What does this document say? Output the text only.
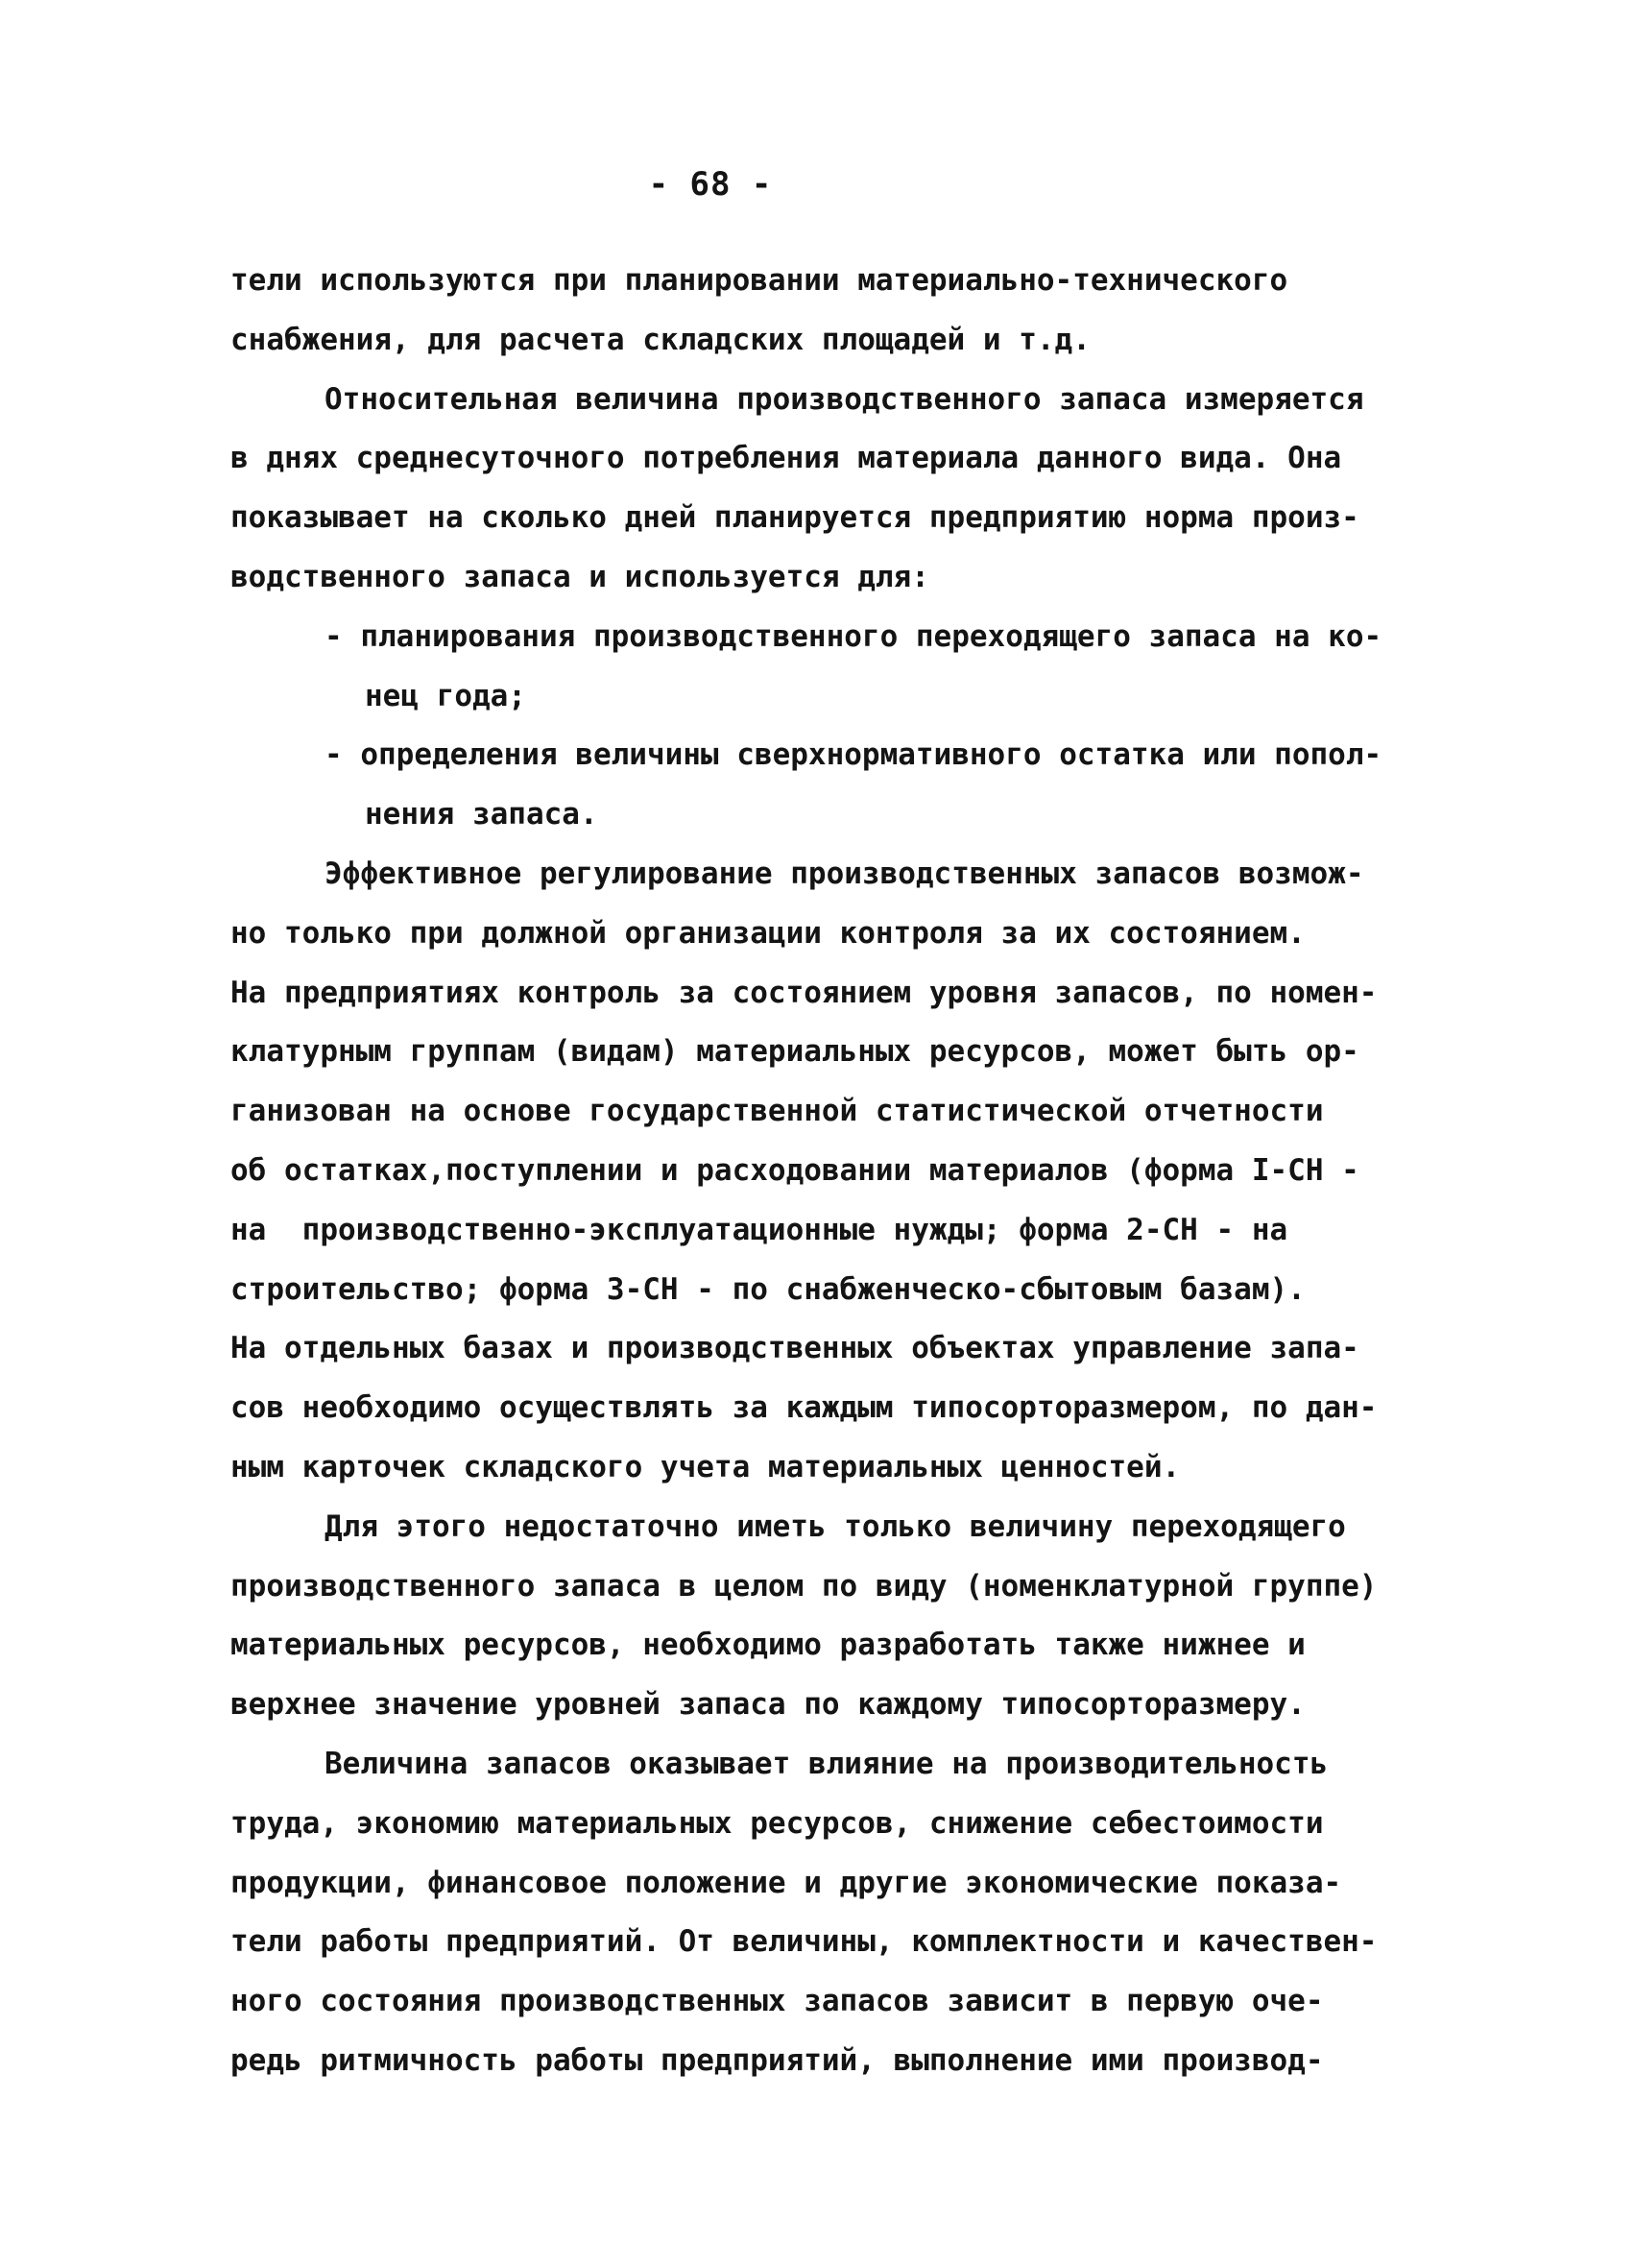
- 68 -
тели используются при планировании материально-технического
снабжения, для расчета складских площадей и т.д.
Относительная величина производственного запаса измеряется
в днях среднесуточного потребления материала данного вида. Она
показывает на сколько дней планируется предприятию норма произ-
водственного запаса и используется для:
- планирования производственного переходящего запаса на ко-
нец года;
- определения величины сверхнормативного остатка или попол-
нения запаса.
Эффективное регулирование производственных запасов возмож-
но только при должной организации контроля за их состоянием.
На предприятиях контроль за состоянием уровня запасов, по номен-
клатурным группам (видам) материальных ресурсов, может быть ор-
ганизован на основе государственной статистической отчетности
об остатках,поступлении и расходовании материалов (форма I-СН -
на  производственно-эксплуатационные нужды; форма 2-СН - на
строительство; форма 3-СН - по снабженческо-сбытовым базам).
На отдельных базах и производственных объектах управление запа-
сов необходимо осуществлять за каждым типосорторазмером, по дан-
ным карточек складского учета материальных ценностей.
Для этого недостаточно иметь только величину переходящего
производственного запаса в целом по виду (номенклатурной группе)
материальных ресурсов, необходимо разработать также нижнее и
верхнее значение уровней запаса по каждому типосорторазмеру.
Величина запасов оказывает влияние на производительность
труда, экономию материальных ресурсов, снижение себестоимости
продукции, финансовое положение и другие экономические показа-
тели работы предприятий. От величины, комплектности и качествен-
ного состояния производственных запасов зависит в первую оче-
редь ритмичность работы предприятий, выполнение ими производ-
